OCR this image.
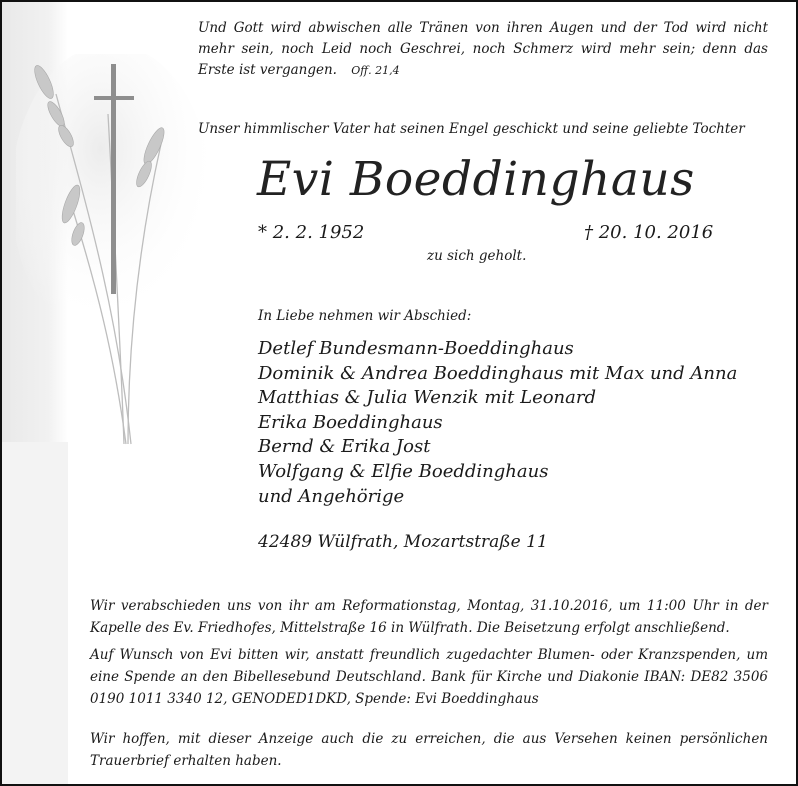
Und Gott wird abwischen alle Tränen von ihren Augen und der Tod wird nicht mehr sein, noch Leid noch Geschrei, noch Schmerz wird mehr sein; denn das Erste ist vergangen. Off. 21,4

Unser himmlischer Vater hat seinen Engel geschickt und seine geliebte Tochter

Evi Boeddinghaus

* 2. 2. 1952	† 20. 10. 2016

zu sich geholt.

In Liebe nehmen wir Abschied:

Detlef Bundesmann-Boeddinghaus
Dominik & Andrea Boeddinghaus mit Max und Anna
Matthias & Julia Wenzik mit Leonard
Erika Boeddinghaus
Bernd & Erika Jost
Wolfgang & Elfie Boeddinghaus
und Angehörige

42489 Wülfrath, Mozartstraße 11

Wir verabschieden uns von ihr am Reformationstag, Montag, 31.10.2016, um 11:00 Uhr in der Kapelle des Ev. Friedhofes, Mittelstraße 16 in Wülfrath. Die Beisetzung erfolgt anschließend.

Auf Wunsch von Evi bitten wir, anstatt freundlich zugedachter Blumen- oder Kranzspenden, um eine Spende an den Bibellesebund Deutschland. Bank für Kirche und Diakonie IBAN: DE82 3506 0190 1011 3340 12, GENODED1DKD, Spende: Evi Boeddinghaus

Wir hoffen, mit dieser Anzeige auch die zu erreichen, die aus Versehen keinen persönlichen Trauerbrief erhalten haben.
